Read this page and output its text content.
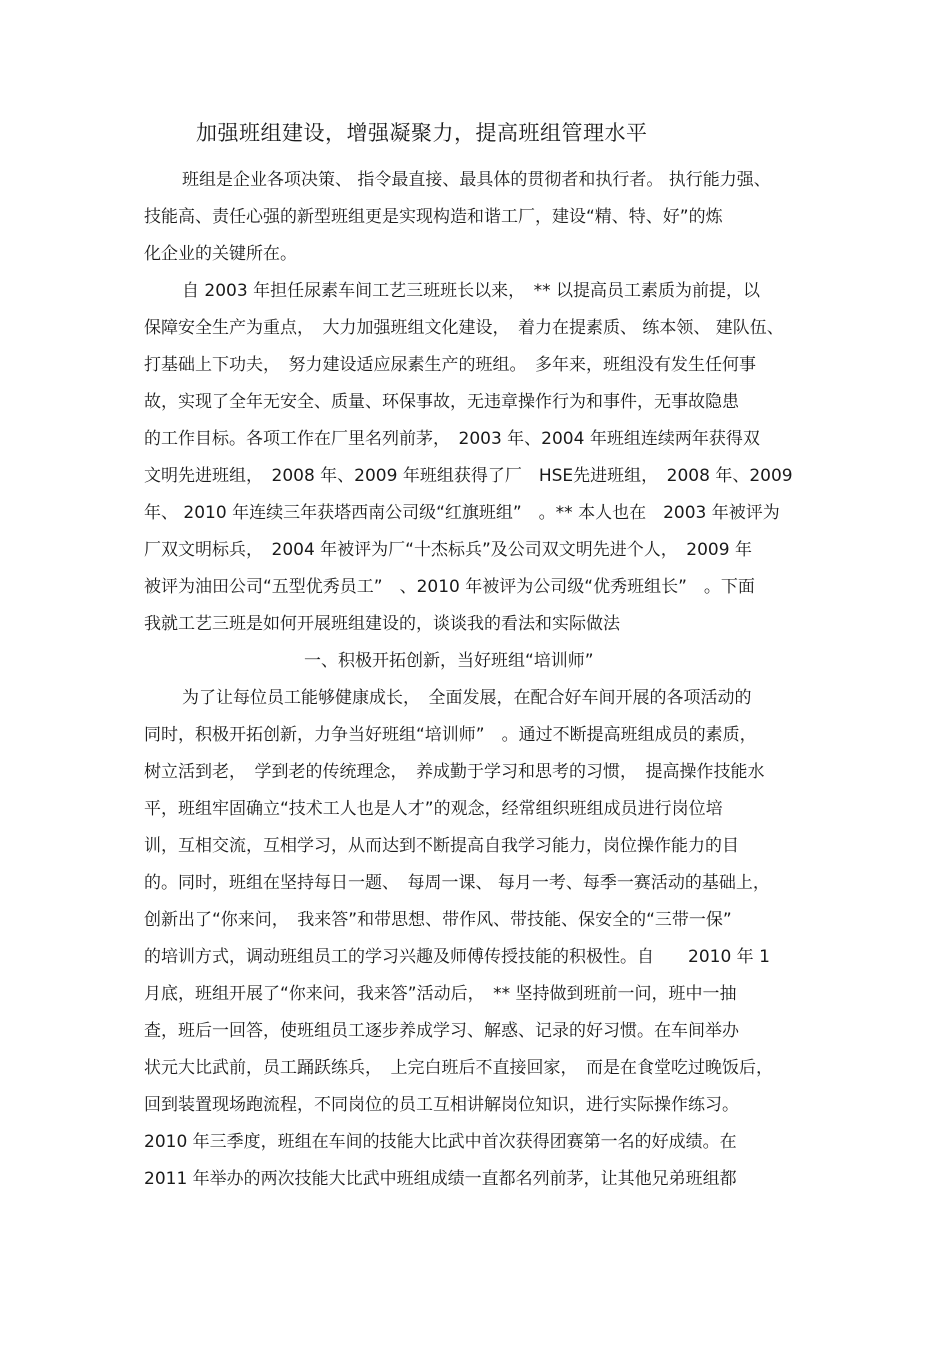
加强班组建设，增强凝聚力，提高班组管理水平
班组是企业各项决策、 指令最直接、最具体的贯彻者和执行者。 执行能力强、
技能高、责任心强的新型班组更是实现构造和谐工厂，建设“精、特、好”的炼
化企业的关键所在。
自 2003 年担任尿素车间工艺三班班长以来，　** 以提高员工素质为前提，以
保障安全生产为重点，　大力加强班组文化建设，　着力在提素质、 练本领、 建队伍、
打基础上下功夫，　努力建设适应尿素生产的班组。　多年来，班组没有发生任何事
故，实现了全年无安全、质量、环保事故，无违章操作行为和事件，无事故隐患
的工作目标。各项工作在厂里名列前茅，　2003 年、2004 年班组连续两年获得双
文明先进班组，　2008 年、2009 年班组获得了厂　HSE先进班组，　2008 年、2009
年、 2010 年连续三年获塔西南公司级“红旗班组”　。** 本人也在　2003 年被评为
厂双文明标兵，　2004 年被评为厂“十杰标兵”及公司双文明先进个人，　2009 年
被评为油田公司“五型优秀员工”　、2010 年被评为公司级“优秀班组长”　。下面
我就工艺三班是如何开展班组建设的，谈谈我的看法和实际做法
一、积极开拓创新，当好班组“培训师”
为了让每位员工能够健康成长，　全面发展，在配合好车间开展的各项活动的
同时，积极开拓创新，力争当好班组“培训师”　。通过不断提高班组成员的素质，
树立活到老，　学到老的传统理念，　养成勤于学习和思考的习惯，　提高操作技能水
平，班组牢固确立“技术工人也是人才”的观念，经常组织班组成员进行岗位培
训，互相交流，互相学习，从而达到不断提高自我学习能力，岗位操作能力的目
的。同时，班组在坚持每日一题、　每周一课、 每月一考、每季一赛活动的基础上，
创新出了“你来问，　我来答”和带思想、带作风、带技能、保安全的“三带一保”
的培训方式，调动班组员工的学习兴趣及师傅传授技能的积极性。自　　2010 年 1
月底，班组开展了“你来问，我来答”活动后，　** 坚持做到班前一问，班中一抽
查，班后一回答，使班组员工逐步养成学习、解惑、记录的好习惯。在车间举办
状元大比武前，员工踊跃练兵，　上完白班后不直接回家，　而是在食堂吃过晚饭后，
回到装置现场跑流程，不同岗位的员工互相讲解岗位知识，进行实际操作练习。
2010 年三季度，班组在车间的技能大比武中首次获得团赛第一名的好成绩。在
2011 年举办的两次技能大比武中班组成绩一直都名列前茅，让其他兄弟班组都
